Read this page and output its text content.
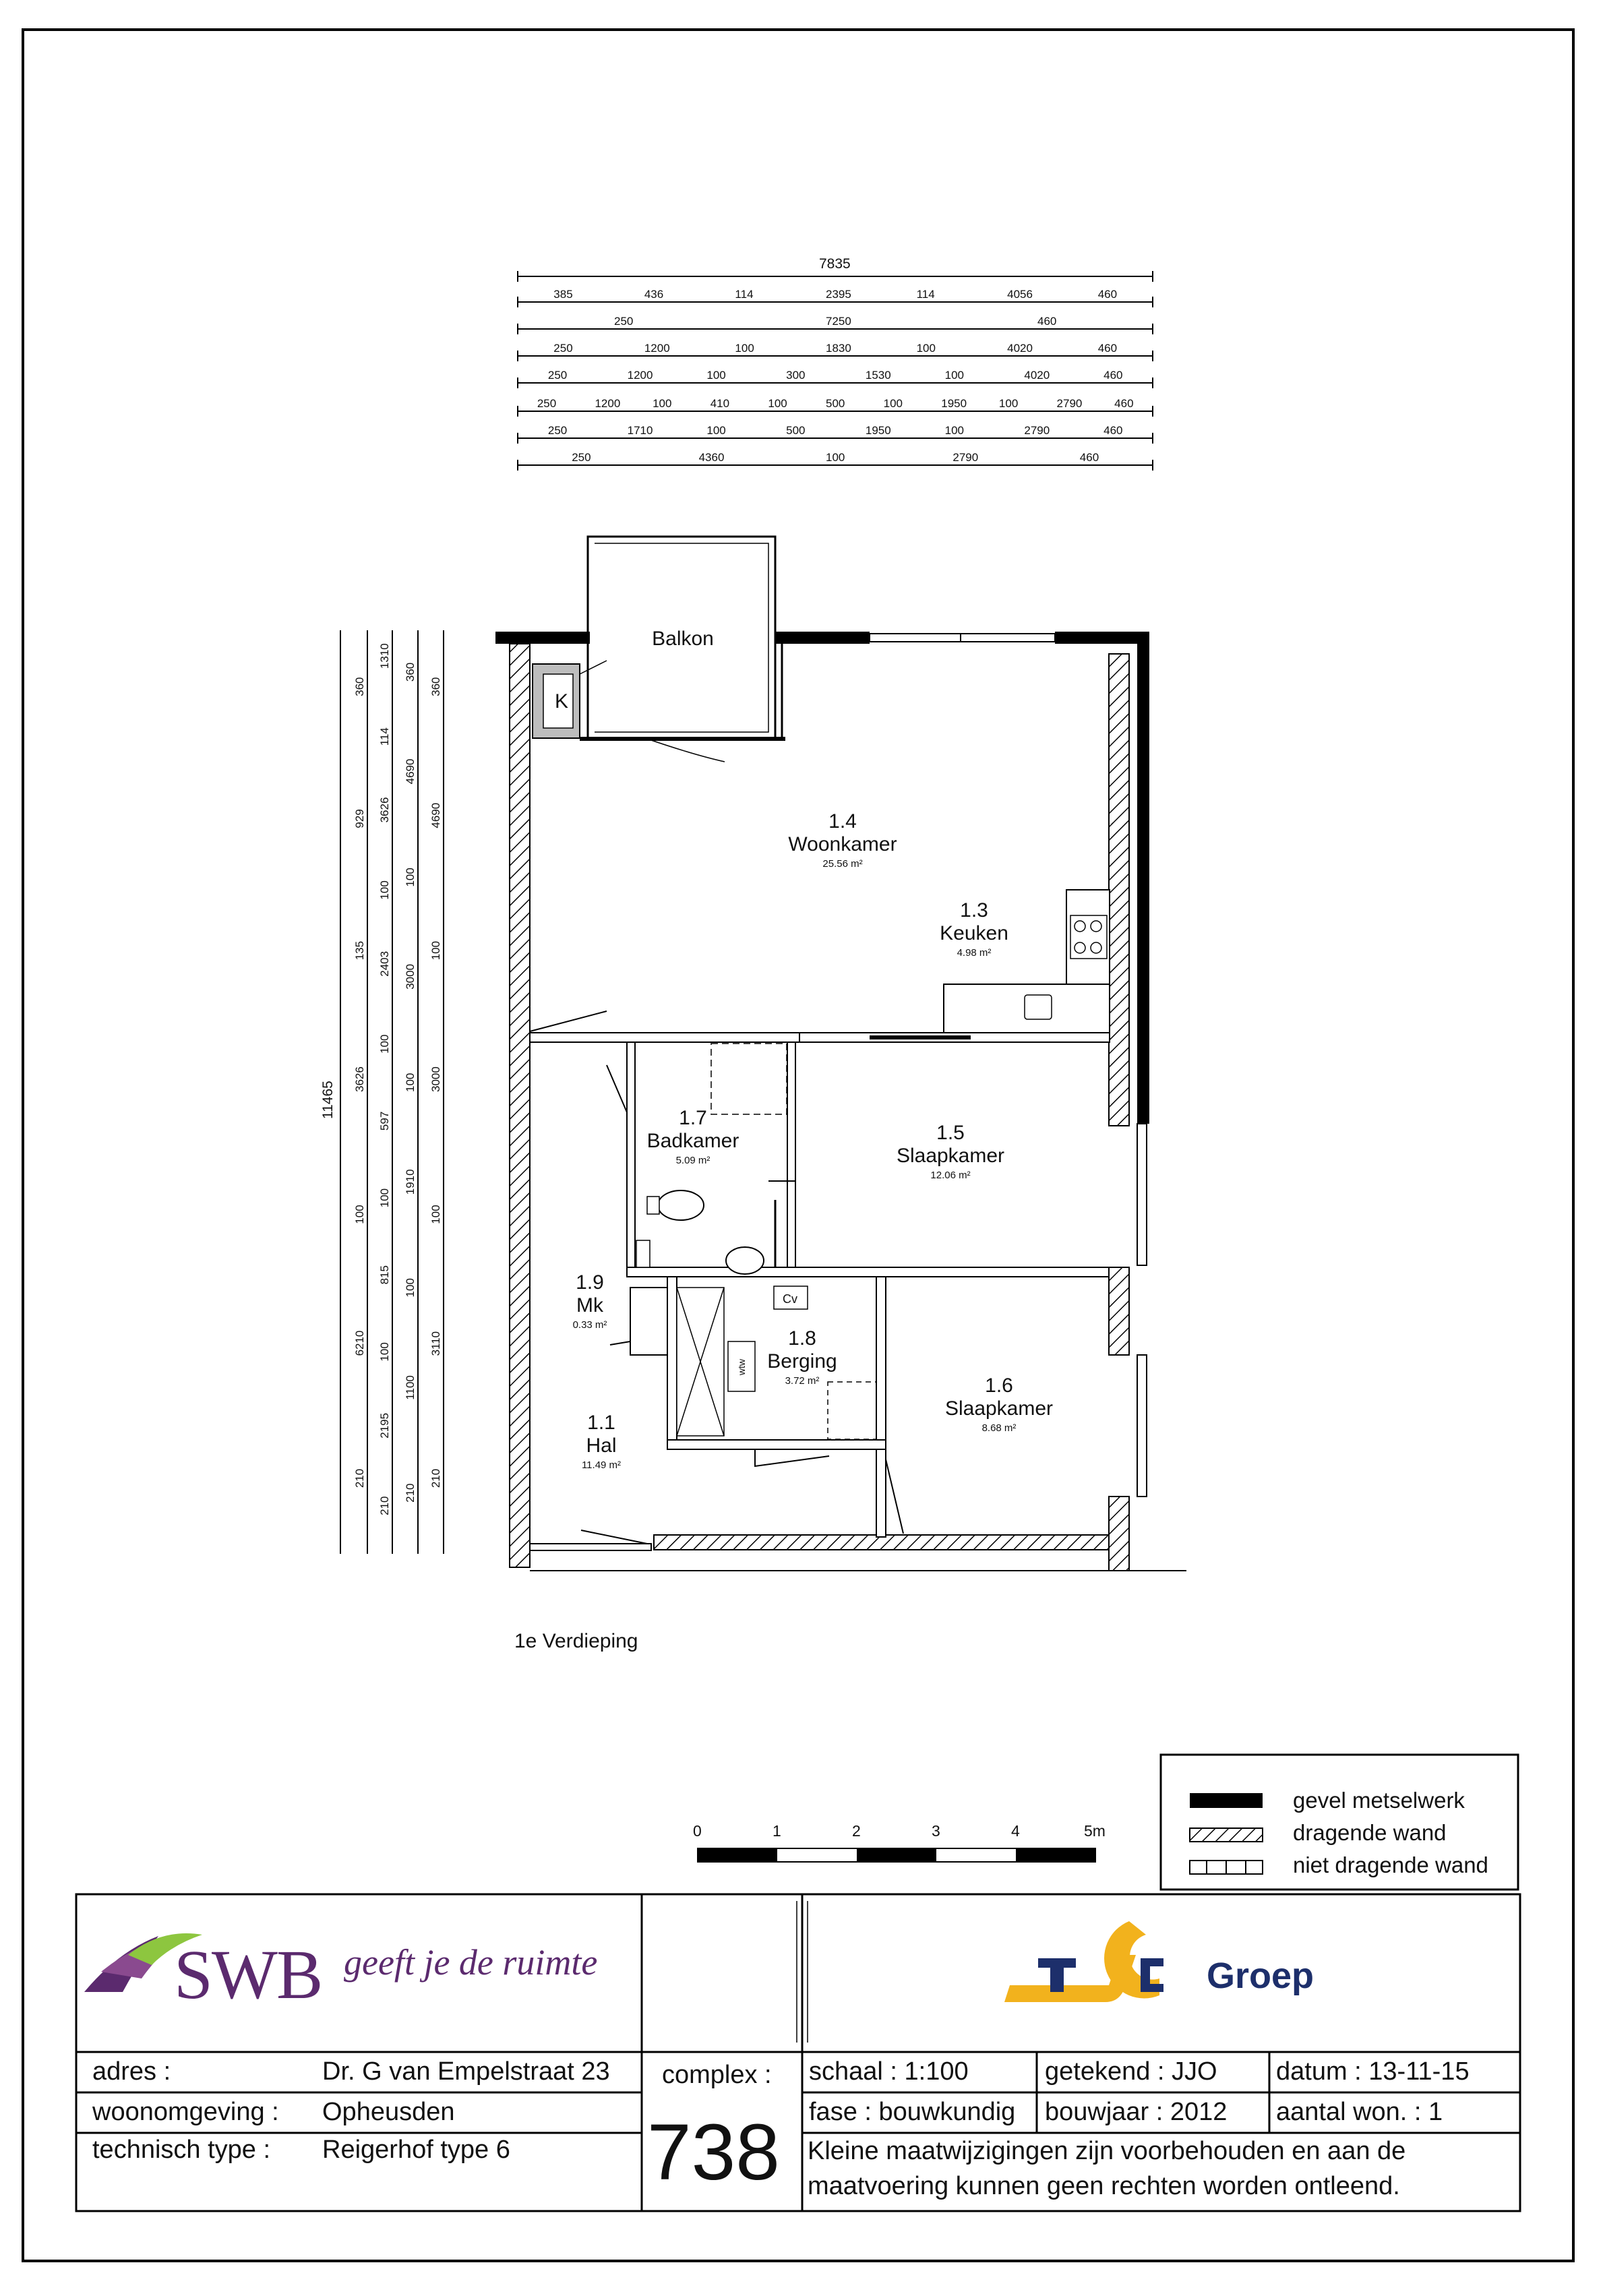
7835
385	436	114	2395	114	4056	460
250	7250	460
250	1200	100	1830	100	4020	460
250	1200	100	300	1530	100	4020	460
250	1200	100	410	100	500	100	1950	100	2790	460
250	1710	100	500	1950	100	2790	460
250	4360	100	2790	460
11465
360
929
135
3626
100
6210
210
1310
114
3626
100
2403
100
597
100
815
100
2195
210
360
4690
100
3000
100
1910
100
1100
210
360
4690
100
3000
100
3110
210
Balkon
K
1.4
Woonkamer
25.56 m²
1.3
Keuken
4.98 m²
1.7
Badkamer
5.09 m²
1.5
Slaapkamer
12.06 m²
1.9
Mk
0.33 m²
1.8
Berging
3.72 m²	1.6
Slaapkamer
8.68 m²
1.1
Hal
11.49 m²
Cv
wtw
1e Verdieping
gevel metselwerk
dragende wand
niet dragende wand
0	1	2	3	4	5m
SWB geeft je de ruimte	Groep
adres :	Dr. G van Empelstraat 23
woonomgeving : Opheusden
technisch type : Reigerhof type 6
complex :
738
schaal : 1:100	getekend : JJO datum : 13-11-15
fase : bouwkundig bouwjaar : 2012 aantal won. : 1
Kleine maatwijzigingen zijn voorbehouden en aan de
maatvoering kunnen geen rechten worden ontleend.
